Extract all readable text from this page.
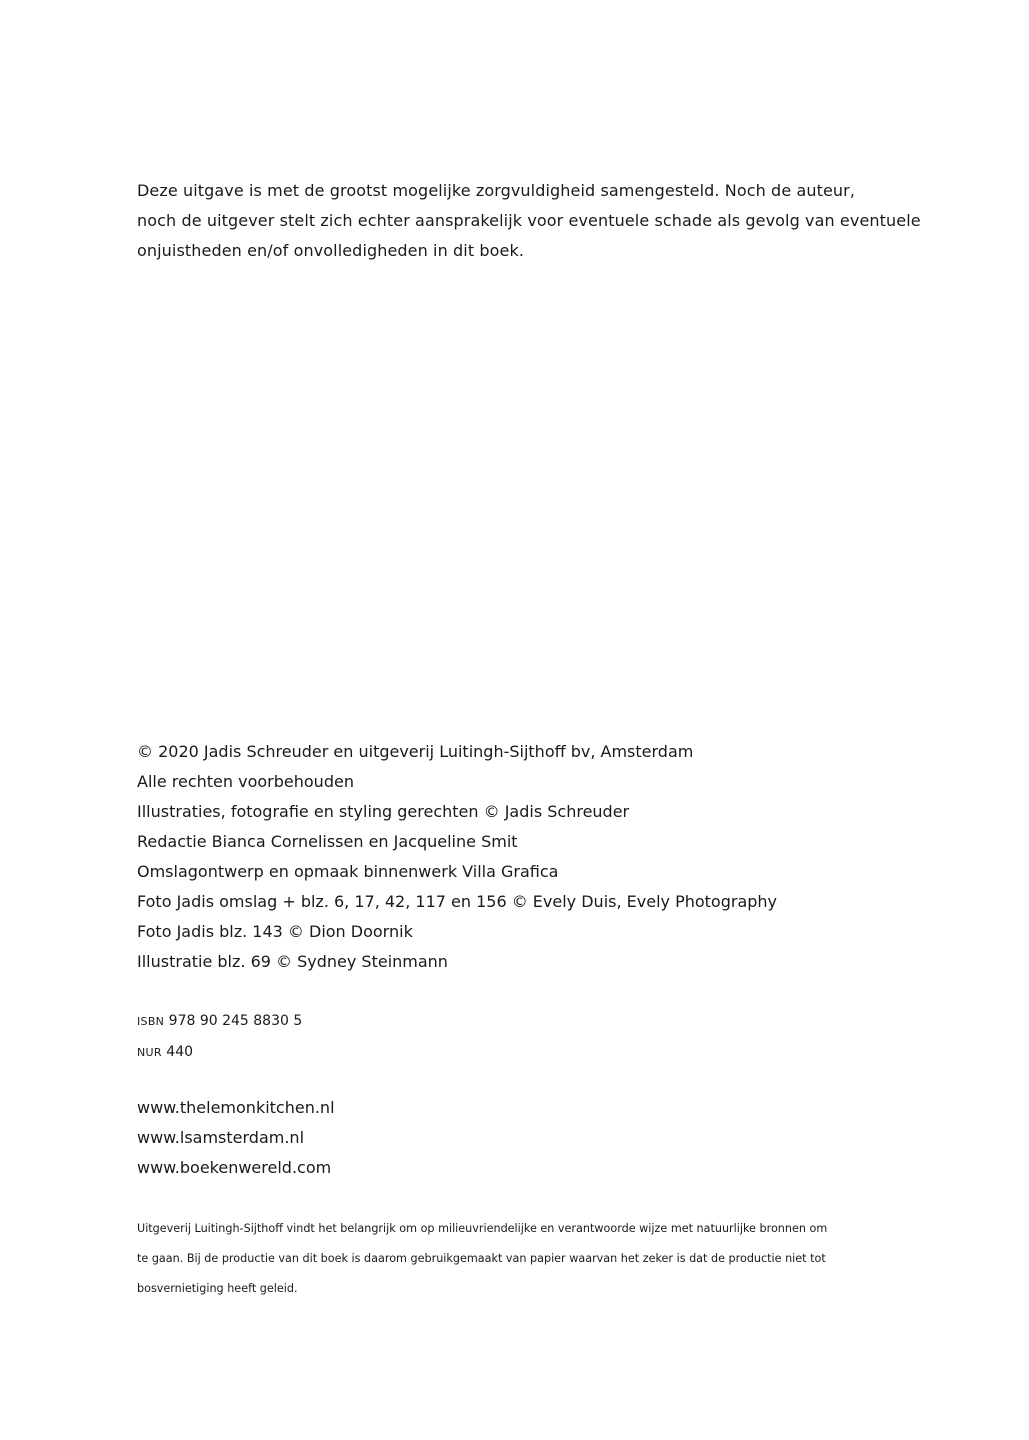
Deze uitgave is met de grootst mogelijke zorgvuldigheid samengesteld. Noch de auteur,

noch de uitgever stelt zich echter aansprakelijk voor eventuele schade als gevolg van eventuele

onjuistheden en/of onvolledigheden in dit boek.

© 2020 Jadis Schreuder en uitgeverij Luitingh-Sijthoff bv, Amsterdam

Alle rechten voorbehouden

Illustraties, fotografie en styling gerechten © Jadis Schreuder

Redactie Bianca Cornelissen en Jacqueline Smit

Omslagontwerp en opmaak binnenwerk Villa Grafica

Foto Jadis omslag + blz. 6, 17, 42, 117 en 156 © Evely Duis, Evely Photography

Foto Jadis blz. 143 © Dion Doornik

Illustratie blz. 69 © Sydney Steinmann

ISBN 978 90 245 8830 5

NUR 440

www.thelemonkitchen.nl

www.lsamsterdam.nl

www.boekenwereld.com

Uitgeverij Luitingh-Sijthoff vindt het belangrijk om op milieuvriendelijke en verantwoorde wijze met natuurlijke bronnen om

te gaan. Bij de productie van dit boek is daarom gebruikgemaakt van papier waarvan het zeker is dat de productie niet tot

bosvernietiging heeft geleid.
